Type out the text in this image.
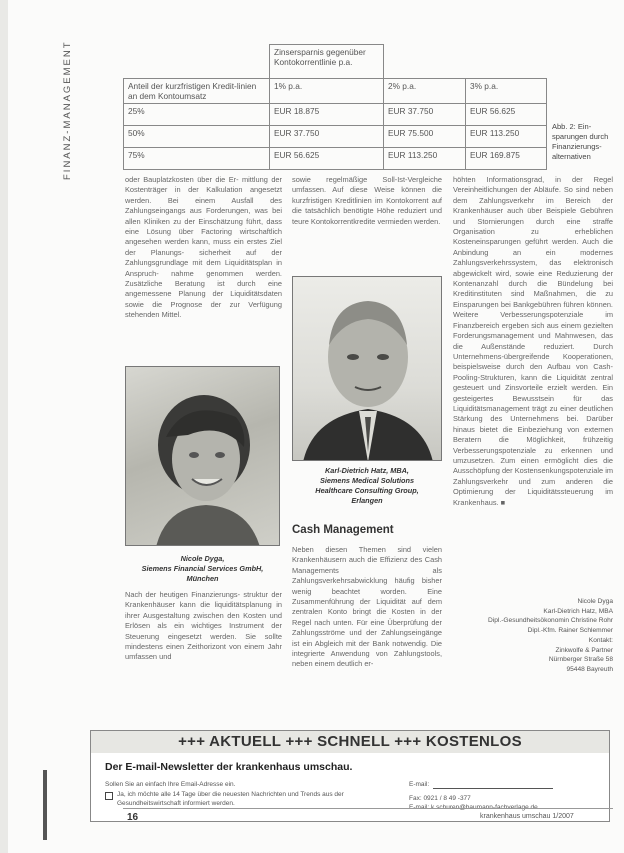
FINANZ-MANAGEMENT
		Zinsersparnis gegenüber Kontokorrentlinie p.a.		
Anteil der kurzfristigen Kredit-linien an dem Kontoumsatz	1% p.a.	2% p.a.	3% p.a.
25%	EUR 18.875	EUR 37.750	EUR 56.625
50%	EUR 37.750	EUR 75.500	EUR 113.250
75%	EUR 56.625	EUR 113.250	EUR 169.875
Abb. 2: Ein-sparungen durch Finanzierungs-alternativen
oder Bauplatzkosten über die Er- mittlung der Kostenträger in der Kalkulation angesetzt werden. Bei einem Ausfall des Zahlungseingangs aus Forderungen, was bei allen Kliniken zu der Einschätzung führt, dass eine Lösung über Factoring wirtschaftlich angesehen werden kann, muss ein erstes Ziel der Planungs- sicherheit auf der Zahlungsgrundlage mit dem Liquiditätsplan in Anspruch- nahme genommen werden. Zusätzliche Beratung ist durch eine angemessene Planung der Liquiditätsdaten sowie die Prognose der zur Verfügung stehenden Mittel.
Nicole Dyga,
Siemens Financial Services GmbH,
München
Nach der heutigen Finanzierungs- struktur der Krankenhäuser kann die liquiditätsplanung in ihrer Ausgestaltung zwischen den Kosten und Erlösen als ein wichtiges Instrument der Steuerung eingesetzt werden. Sie sollte mindestens einen Zeithorizont von einem Jahr umfassen und
sowie regelmäßige Soll-Ist-Vergleiche umfassen. Auf diese Weise können die kurzfristigen Kreditlinien im Kontokorrent auf die tatsächlich benötigte Höhe reduziert und teure Kontokorrentkredite vermieden werden.
Karl-Dietrich Hatz, MBA,
Siemens Medical Solutions
Healthcare Consulting Group,
Erlangen
Cash Management
Neben diesen Themen sind vielen Krankenhäusern auch die Effizienz des Cash Managements als Zahlungsverkehrsabwicklung häufig bisher wenig beachtet worden. Eine Zusammenführung der Liquidität auf dem zentralen Konto bringt die Kosten in der Regel nach unten. Für eine Überprüfung der Zahlungsströme und der Zahlungseingänge ist ein Abgleich mit der Bank notwendig. Die integrierte Anwendung von Zahlungstools, neben einem deutlich er-
höhten Informationsgrad, in der Regel Vereinheitlichungen der Abläufe. So sind neben dem Zahlungsverkehr im Bereich der Krankenhäuser auch über Beispiele Gebühren und Stornierungen durch eine straffe Organisation zu erheblichen Kosteneinsparungen geführt werden. Auch die Anbindung an ein modernes Zahlungsverkehrssystem, das elektronisch abgewickelt wird, sowie eine Reduzierung der Kontenanzahl durch die Bündelung bei Kreditinstituten sind Maßnahmen, die zu Einsparungen bei Bankgebühren führen können. Weitere Verbesserungspotenziale im Finanzbereich ergeben sich aus einem gezielten Forderungsmanagement und Mahnwesen, das die Außenstände reduziert. Durch Unternehmens-übergreifende Kooperationen, beispielsweise durch den Aufbau von Cash-Pooling-Strukturen, kann die Liquidität zentral gesteuert und Zinsvorteile erzielt werden. Ein gesteigertes Bewusstsein für das Liquiditätsmanagement trägt zu einer deutlichen Stärkung des Unternehmens bei. Darüber hinaus bietet die Einbeziehung von externen Beratern die Möglichkeit, frühzeitig Verbesserungspotenziale zu erkennen und umzusetzen. Zum einen ermöglicht dies die Ausschöpfung der Kostensenkungspotenziale im Zahlungsverkehr und zum anderen die Optimierung der Liquiditätssteuerung im Krankenhaus. ■
Nicole Dyga
Karl-Dietrich Hatz, MBA
Dipl.-Gesundheitsökonomin Christine Rohr
Dipl.-Kfm. Rainer Schlemmer
Kontakt:
Zinkwolfe & Partner
Nürnberger Straße 58
95448 Bayreuth
+++ AKTUELL +++ SCHNELL +++ KOSTENLOS
Der E-mail-Newsletter der krankenhaus umschau.
Sollen Sie an einfach Ihre Email-Adresse ein.
Ja, ich möchte alle 14 Tage über die neuesten Nachrichten und Trends aus der Gesundheitswirtschaft informiert werden.
E-mail:
Fax: 0921 / 8 49 -377
E-mail: k.schuren@baumann-fachverlage.de
16	krankenhaus umschau 1/2007
